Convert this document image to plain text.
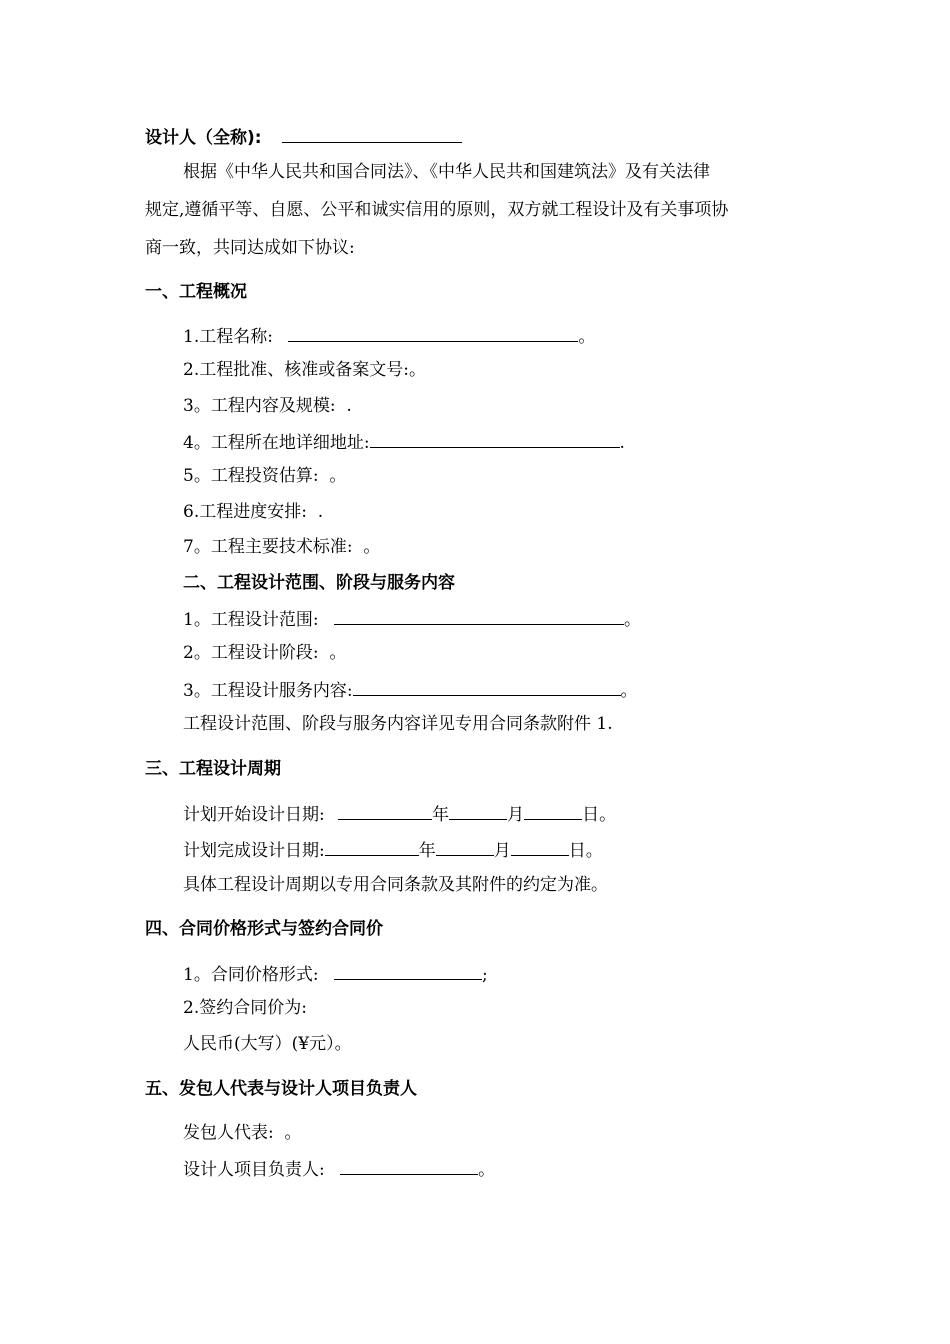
设计人（全称):
根据《中华人民共和国合同法》、《中华人民共和国建筑法》及有关法律
规定,遵循平等、自愿、公平和诚实信用的原则，双方就工程设计及有关事项协
商一致，共同达成如下协议:
一、工程概况
1.工程名称:	。
2.工程批准、核准或备案文号:。
3。工程内容及规模:  .
4。工程所在地详细地址:	.
5。工程投资估算:  。
6.工程进度安排:  .
7。工程主要技术标准:  。
二、工程设计范围、阶段与服务内容
1。工程设计范围:	。
2。工程设计阶段:  。
3。工程设计服务内容:	。
工程设计范围、阶段与服务内容详见专用合同条款附件 1.
三、工程设计周期
计划开始设计日期:	年	月	日。
计划完成设计日期:	年	月	日。
具体工程设计周期以专用合同条款及其附件的约定为准。
四、合同价格形式与签约合同价
1。合同价格形式:	;
2.签约合同价为:
人民币(大写）(¥元）。
五、发包人代表与设计人项目负责人
发包人代表:  。
设计人项目负责人:	。
